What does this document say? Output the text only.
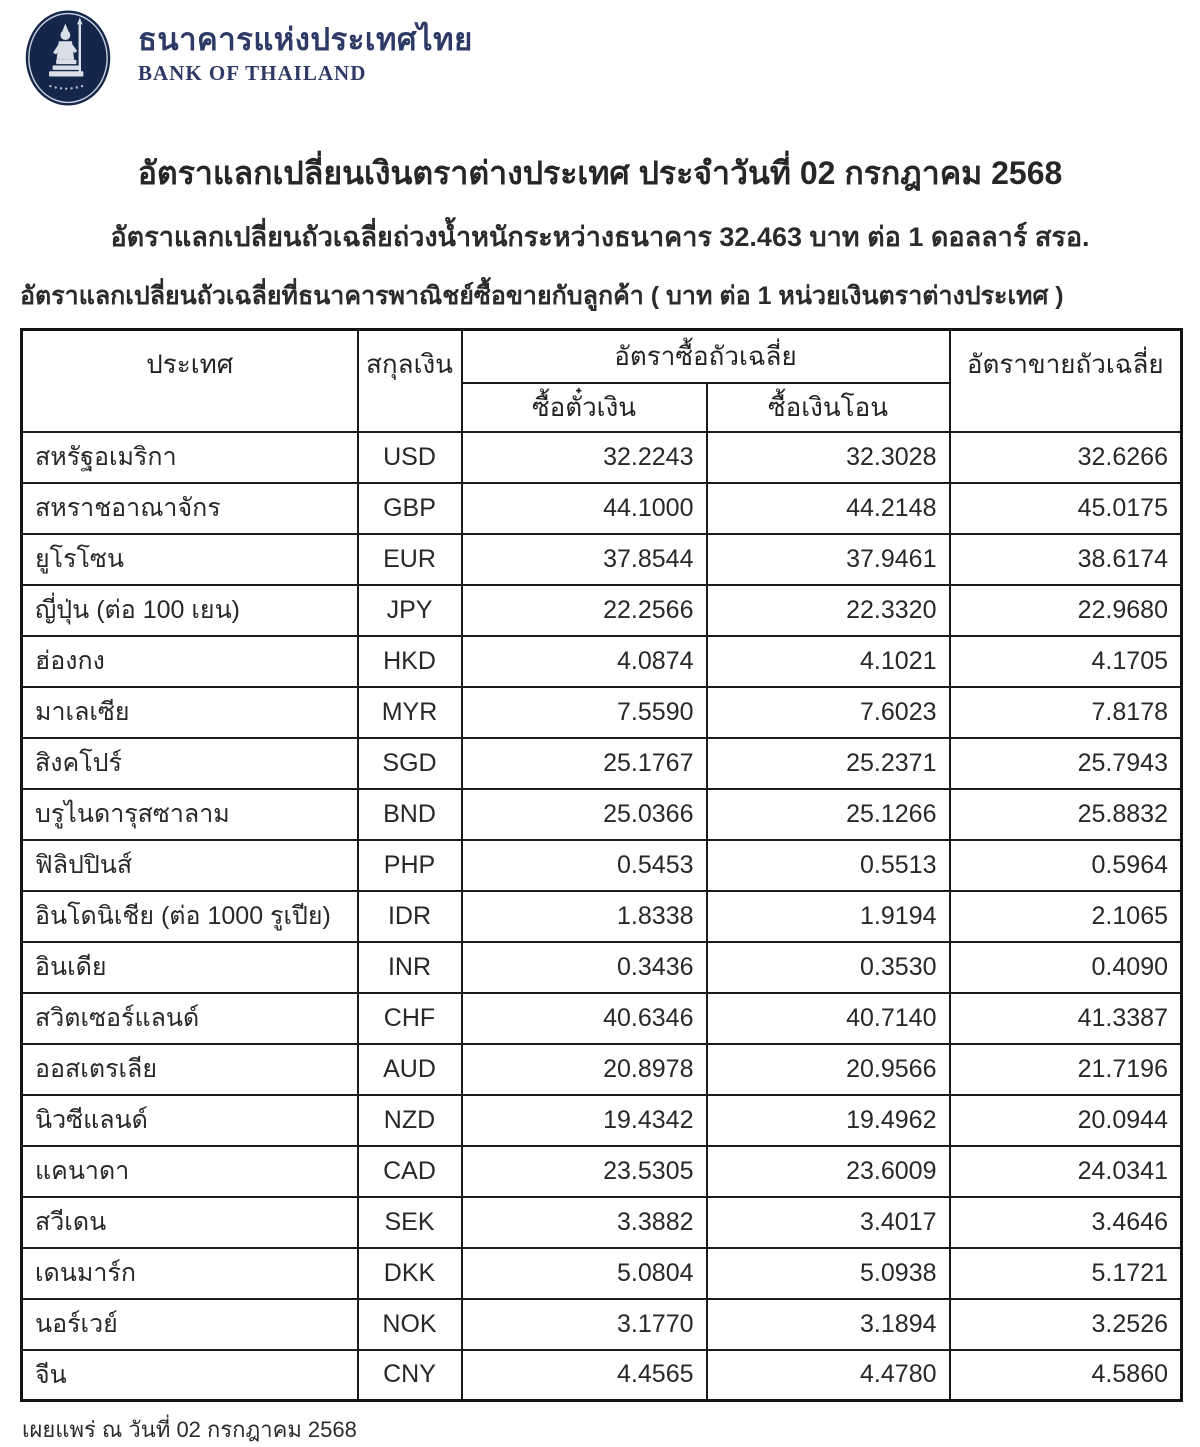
ธนาคารแห่งประเทศไทย
BANK OF THAILAND
อัตราแลกเปลี่ยนเงินตราต่างประเทศ ประจำวันที่ 02 กรกฎาคม 2568
อัตราแลกเปลี่ยนถัวเฉลี่ยถ่วงน้ำหนักระหว่างธนาคาร 32.463 บาท ต่อ 1 ดอลลาร์ สรอ.
อัตราแลกเปลี่ยนถัวเฉลี่ยที่ธนาคารพาณิชย์ซื้อขายกับลูกค้า ( บาท ต่อ 1 หน่วยเงินตราต่างประเทศ )
ประเทศ	สกุลเงิน	อัตราซื้อถัวเฉลี่ย		อัตราขายถัวเฉลี่ย
		ซื้อตั๋วเงิน	ซื้อเงินโอน	
สหรัฐอเมริกา	USD	32.2243	32.3028	32.6266
สหราชอาณาจักร	GBP	44.1000	44.2148	45.0175
ยูโรโซน	EUR	37.8544	37.9461	38.6174
ญี่ปุ่น (ต่อ 100 เยน)	JPY	22.2566	22.3320	22.9680
ฮ่องกง	HKD	4.0874	4.1021	4.1705
มาเลเซีย	MYR	7.5590	7.6023	7.8178
สิงคโปร์	SGD	25.1767	25.2371	25.7943
บรูไนดารุสซาลาม	BND	25.0366	25.1266	25.8832
ฟิลิปปินส์	PHP	0.5453	0.5513	0.5964
อินโดนิเชีย (ต่อ 1000 รูเปีย)	IDR	1.8338	1.9194	2.1065
อินเดีย	INR	0.3436	0.3530	0.4090
สวิตเซอร์แลนด์	CHF	40.6346	40.7140	41.3387
ออสเตรเลีย	AUD	20.8978	20.9566	21.7196
นิวซีแลนด์	NZD	19.4342	19.4962	20.0944
แคนาดา	CAD	23.5305	23.6009	24.0341
สวีเดน	SEK	3.3882	3.4017	3.4646
เดนมาร์ก	DKK	5.0804	5.0938	5.1721
นอร์เวย์	NOK	3.1770	3.1894	3.2526
จีน	CNY	4.4565	4.4780	4.5860
เผยแพร่ ณ วันที่ 02 กรกฎาคม 2568
